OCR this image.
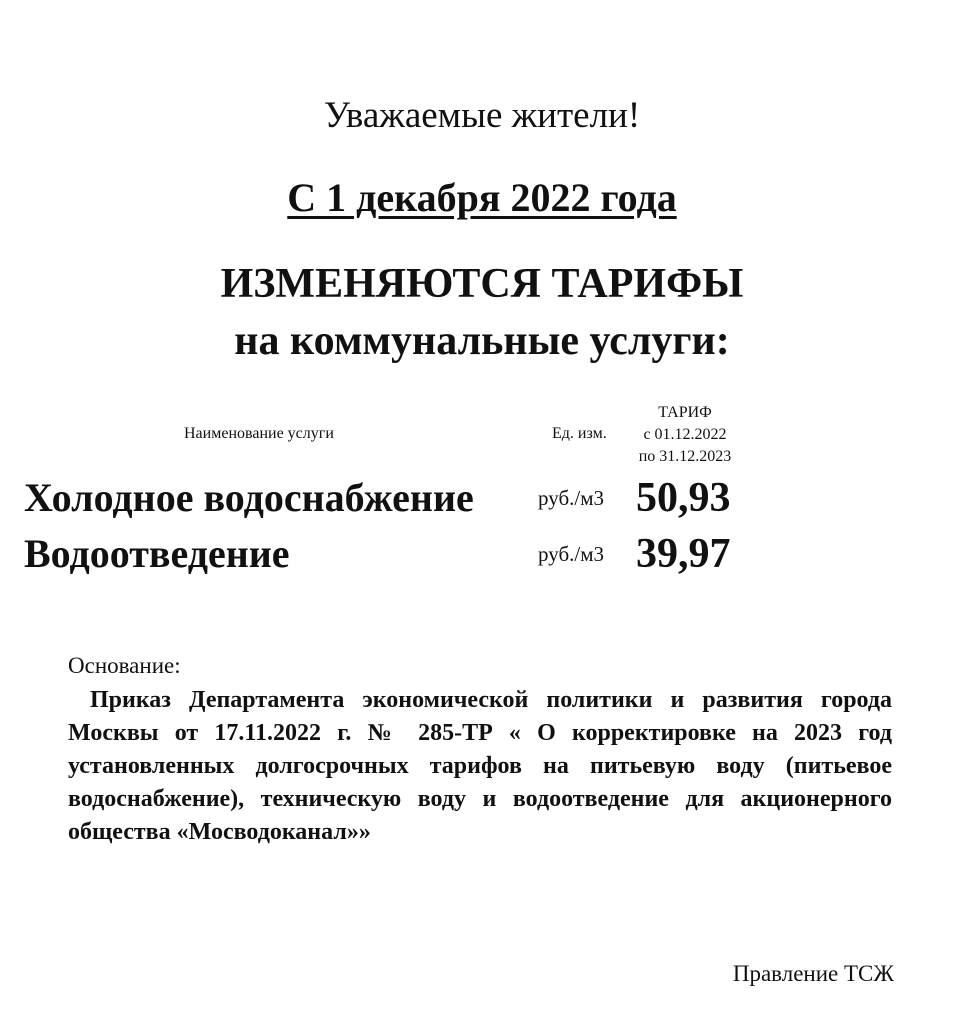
Уважаемые жители!
С 1 декабря 2022 года
ИЗМЕНЯЮТСЯ ТАРИФЫ
на коммунальные услуги:
Наименование услуги	Ед. изм.
ТАРИФ
с 01.12.2022
по 31.12.2023
Холодное водоснабжение	руб./м3 50,93
Водоотведение	руб./м3 39,97
Основание:
Приказ Департамента экономической политики и развития города Москвы от 17.11.2022 г. № 285-ТР « О корректировке на 2023 год установленных долгосрочных тарифов на питьевую воду (питьевое водоснабжение), техническую воду и водоотведение для акционерного общества «Мосводоканал»»
Правление ТСЖ
